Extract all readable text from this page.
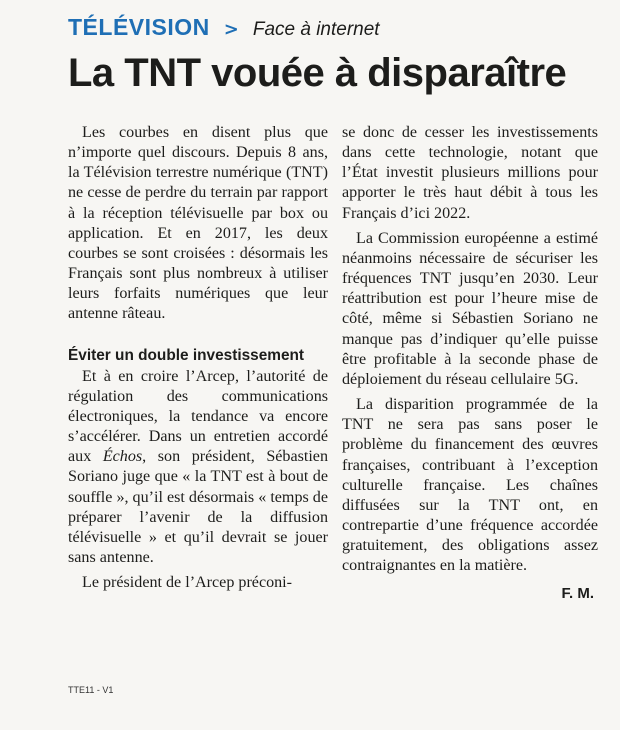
TÉLÉVISION > Face à internet
La TNT vouée à disparaître

Les courbes en disent plus que n’importe quel discours. Depuis 8 ans, la Télévision terrestre numérique (TNT) ne cesse de perdre du terrain par rapport à la réception télévisuelle par box ou application. Et en 2017, les deux courbes se sont croisées : désormais les Français sont plus nombreux à utiliser leurs forfaits numériques que leur antenne râteau.

Éviter un double investissement

Et à en croire l’Arcep, l’autorité de régulation des communications électroniques, la tendance va encore s’accélérer. Dans un entretien accordé aux Échos, son président, Sébastien Soriano juge que « la TNT est à bout de souffle », qu’il est désormais « temps de préparer l’avenir de la diffusion télévisuelle » et qu’il devrait se jouer sans antenne.

Le président de l’Arcep préconi-

se donc de cesser les investissements dans cette technologie, notant que l’État investit plusieurs millions pour apporter le très haut débit à tous les Français d’ici 2022.

La Commission européenne a estimé néanmoins nécessaire de sécuriser les fréquences TNT jusqu’en 2030. Leur réattribution est pour l’heure mise de côté, même si Sébastien Soriano ne manque pas d’indiquer qu’elle puisse être profitable à la seconde phase de déploiement du réseau cellulaire 5G.

La disparition programmée de la TNT ne sera pas sans poser le problème du financement des œuvres françaises, contribuant à l’exception culturelle française. Les chaînes diffusées sur la TNT ont, en contrepartie d’une fréquence accordée gratuitement, des obligations assez contraignantes en la matière.

F. M.
TTE11 - V1
